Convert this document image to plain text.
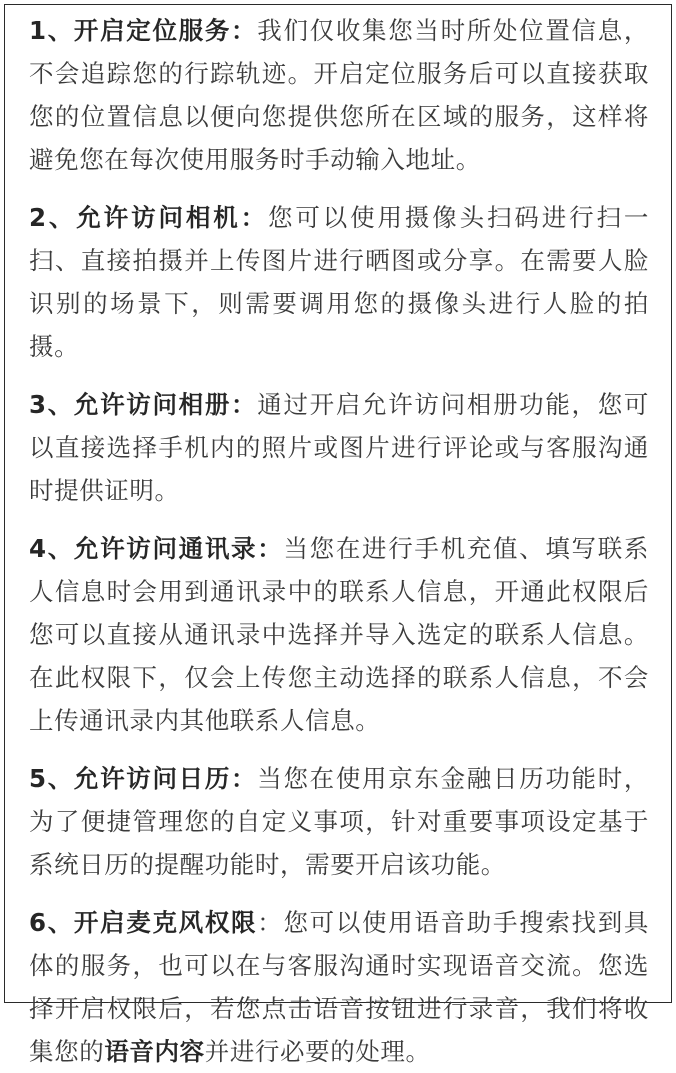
1、开启定位服务：我们仅收集您当时所处位置信息，不会追踪您的行踪轨迹。开启定位服务后可以直接获取您的位置信息以便向您提供您所在区域的服务，这样将避免您在每次使用服务时手动输入地址。

2、允许访问相机：您可以使用摄像头扫码进行扫一扫、直接拍摄并上传图片进行晒图或分享。在需要人脸识别的场景下，则需要调用您的摄像头进行人脸的拍摄。

3、允许访问相册：通过开启允许访问相册功能，您可以直接选择手机内的照片或图片进行评论或与客服沟通时提供证明。

4、允许访问通讯录：当您在进行手机充值、填写联系人信息时会用到通讯录中的联系人信息，开通此权限后您可以直接从通讯录中选择并导入选定的联系人信息。在此权限下，仅会上传您主动选择的联系人信息，不会上传通讯录内其他联系人信息。

5、允许访问日历：当您在使用京东金融日历功能时，为了便捷管理您的自定义事项，针对重要事项设定基于系统日历的提醒功能时，需要开启该功能。

6、开启麦克风权限：您可以使用语音助手搜索找到具体的服务，也可以在与客服沟通时实现语音交流。您选择开启权限后，若您点击语音按钮进行录音，我们将收集您的语音内容并进行必要的处理。
